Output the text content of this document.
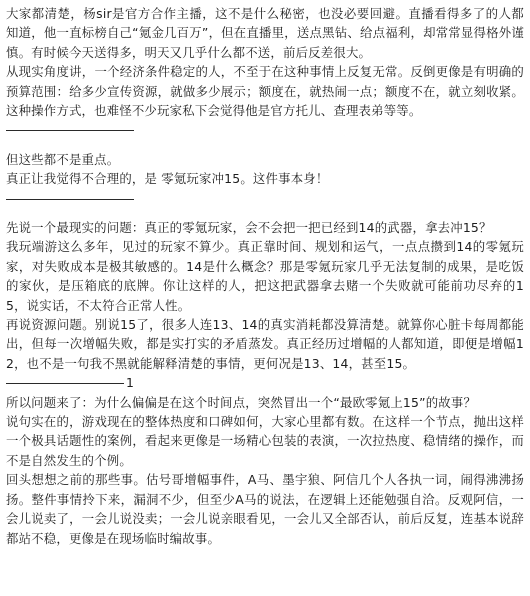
大家都清楚，杨sir是官方合作主播，这不是什么秘密，也没必要回避。直播看得多了的人都知道，他一直标榜自己“氪金几百万”，但在直播里，送点黑钻、给点福利，却常常显得格外谨慎。有时候今天送得多，明天又几乎什么都不送，前后反差很大。

从现实角度讲，一个经济条件稳定的人，不至于在这种事情上反复无常。反倒更像是有明确的预算范围：给多少宣传资源，就做多少展示；额度在，就热闹一点；额度不在，就立刻收紧。这种操作方式，也难怪不少玩家私下会觉得他是官方托儿、查理表弟等等。

但这些都不是重点。

真正让我觉得不合理的，是 零氪玩家冲15。这件事本身！

先说一个最现实的问题：真正的零氪玩家，会不会把一把已经到14的武器，拿去冲15？

我玩端游这么多年，见过的玩家不算少。真正靠时间、规划和运气，一点点攒到14的零氪玩家，对失败成本是极其敏感的。14是什么概念？那是零氪玩家几乎无法复制的成果，是吃饭的家伙，是压箱底的底牌。你让这样的人，把这把武器拿去赌一个失败就可能前功尽弃的15，说实话，不太符合正常人性。

再说资源问题。别说15了，很多人连13、14的真实消耗都没算清楚。就算你心脏卡每周都能出，但每一次增幅失败，都是实打实的矛盾蒸发。真正经历过增幅的人都知道，即便是增幅12，也不是一句我不黑就能解释清楚的事情，更何况是13、14，甚至15。

1

所以问题来了：为什么偏偏是在这个时间点，突然冒出一个“最欧零氪上15”的故事？

说句实在的，游戏现在的整体热度和口碑如何，大家心里都有数。在这样一个节点，抛出这样一个极具话题性的案例，看起来更像是一场精心包装的表演，一次拉热度、稳情绪的操作，而不是自然发生的个例。

回头想想之前的那些事。估号哥增幅事件，A马、墨宇狼、阿信几个人各执一词，闹得沸沸扬扬。整件事情拎下来，漏洞不少，但至少A马的说法，在逻辑上还能勉强自洽。反观阿信，一会儿说卖了，一会儿说没卖；一会儿说亲眼看见，一会儿又全部否认，前后反复，连基本说辞都站不稳，更像是在现场临时编故事。
